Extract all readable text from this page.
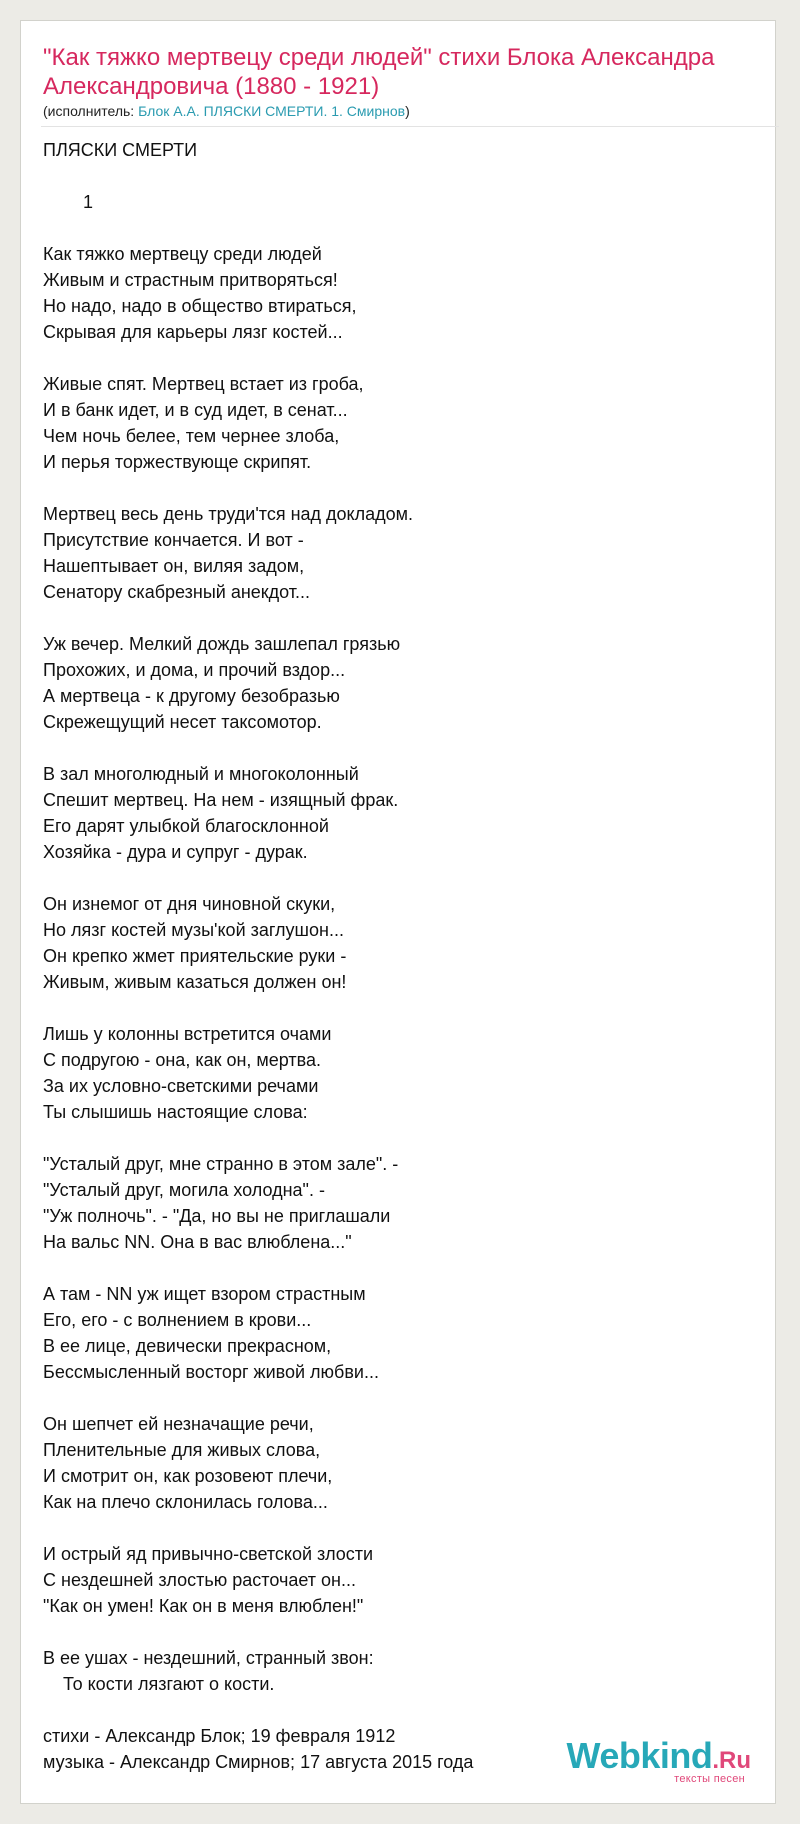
"Как тяжко мертвецу среди людей" стихи Блока Александра Александровича (1880 - 1921)
(исполнитель: Блок А.А. ПЛЯСКИ СМЕРТИ. 1. Смирнов)
ПЛЯСКИ СМЕРТИ
1
Как тяжко мертвецу среди людей
Живым и страстным притворяться!
Но надо, надо в общество втираться,
Скрывая для карьеры лязг костей...
Живые спят. Мертвец встает из гроба,
И в банк идет, и в суд идет, в сенат...
Чем ночь белее, тем чернее злоба,
И перья торжествующе скрипят.
Мертвец весь день труди'тся над докладом.
Присутствие кончается. И вот -
Нашептывает он, виляя задом,
Сенатору скабрезный анекдот...
Уж вечер. Мелкий дождь зашлепал грязью
Прохожих, и дома, и прочий вздор...
А мертвеца - к другому безобразью
Скрежещущий несет таксомотор.
В зал многолюдный и многоколонный
Спешит мертвец. На нем - изящный фрак.
Его дарят улыбкой благосклонной
Хозяйка - дура и супруг - дурак.
Он изнемог от дня чиновной скуки,
Но лязг костей музы'кой заглушон...
Он крепко жмет приятельские руки -
Живым, живым казаться должен он!
Лишь у колонны встретится очами
С подругою - она, как он, мертва.
За их условно-светскими речами
Ты слышишь настоящие слова:
"Усталый друг, мне странно в этом зале". -
"Усталый друг, могила холодна". -
"Уж полночь". - "Да, но вы не приглашали
На вальс NN. Она в вас влюблена..."
А там - NN уж ищет взором страстным
Его, его - с волнением в крови...
В ее лице, девически прекрасном,
Бессмысленный восторг живой любви...
Он шепчет ей незначащие речи,
Пленительные для живых слова,
И смотрит он, как розовеют плечи,
Как на плечо склонилась голова...
И острый яд привычно-светской злости
С нездешней злостью расточает он...
"Как он умен! Как он в меня влюблен!"
В ее ушах - нездешний, странный звон:
То кости лязгают о кости.
стихи - Александр Блок; 19 февраля 1912
музыка - Александр Смирнов; 17 августа 2015 года	Webkind.Ru
тексты песен
